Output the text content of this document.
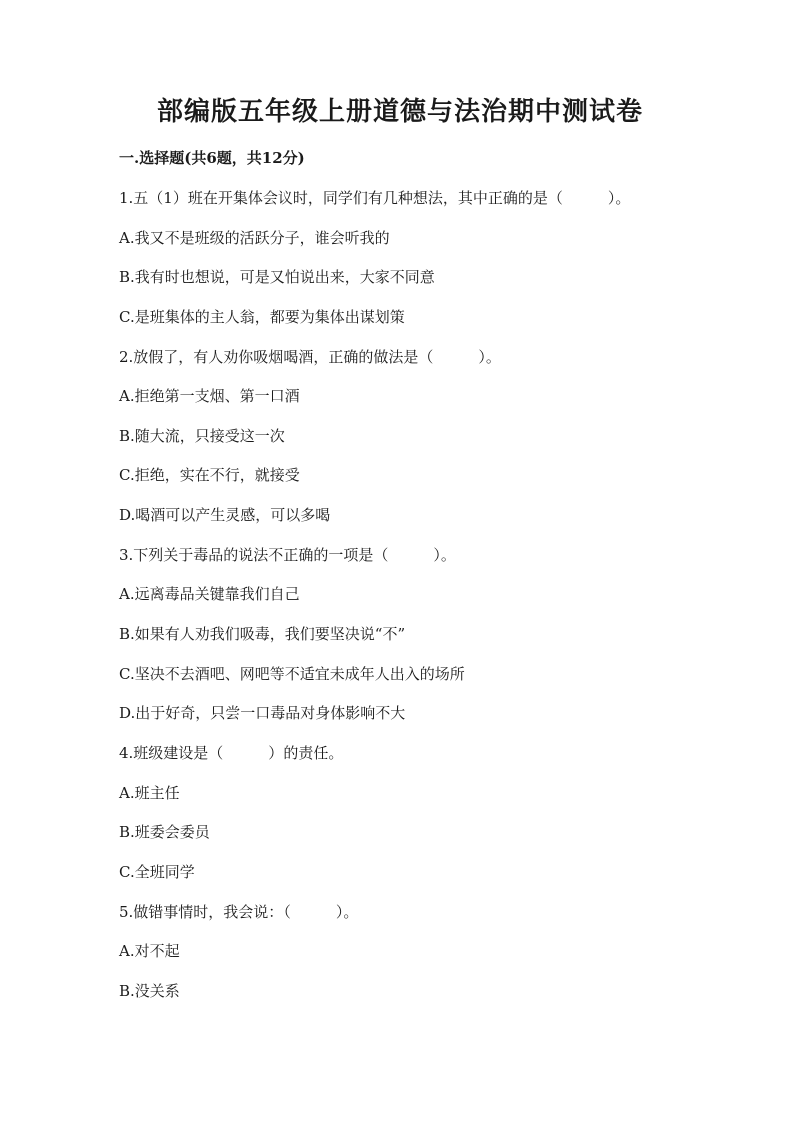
部编版五年级上册道德与法治期中测试卷
一.选择题(共6题，共12分)
1.五（1）班在开集体会议时，同学们有几种想法，其中正确的是（　　　）。
A.我又不是班级的活跃分子，谁会听我的
B.我有时也想说，可是又怕说出来，大家不同意
C.是班集体的主人翁，都要为集体出谋划策
2.放假了，有人劝你吸烟喝酒，正确的做法是（　　　）。
A.拒绝第一支烟、第一口酒
B.随大流，只接受这一次
C.拒绝，实在不行，就接受
D.喝酒可以产生灵感，可以多喝
3.下列关于毒品的说法不正确的一项是（　　　）。
A.远离毒品关键靠我们自己
B.如果有人劝我们吸毒，我们要坚决说“不”
C.坚决不去酒吧、网吧等不适宜未成年人出入的场所
D.出于好奇，只尝一口毒品对身体影响不大
4.班级建设是（　　　）的责任。
A.班主任
B.班委会委员
C.全班同学
5.做错事情时，我会说：（　　　）。
A.对不起
B.没关系
